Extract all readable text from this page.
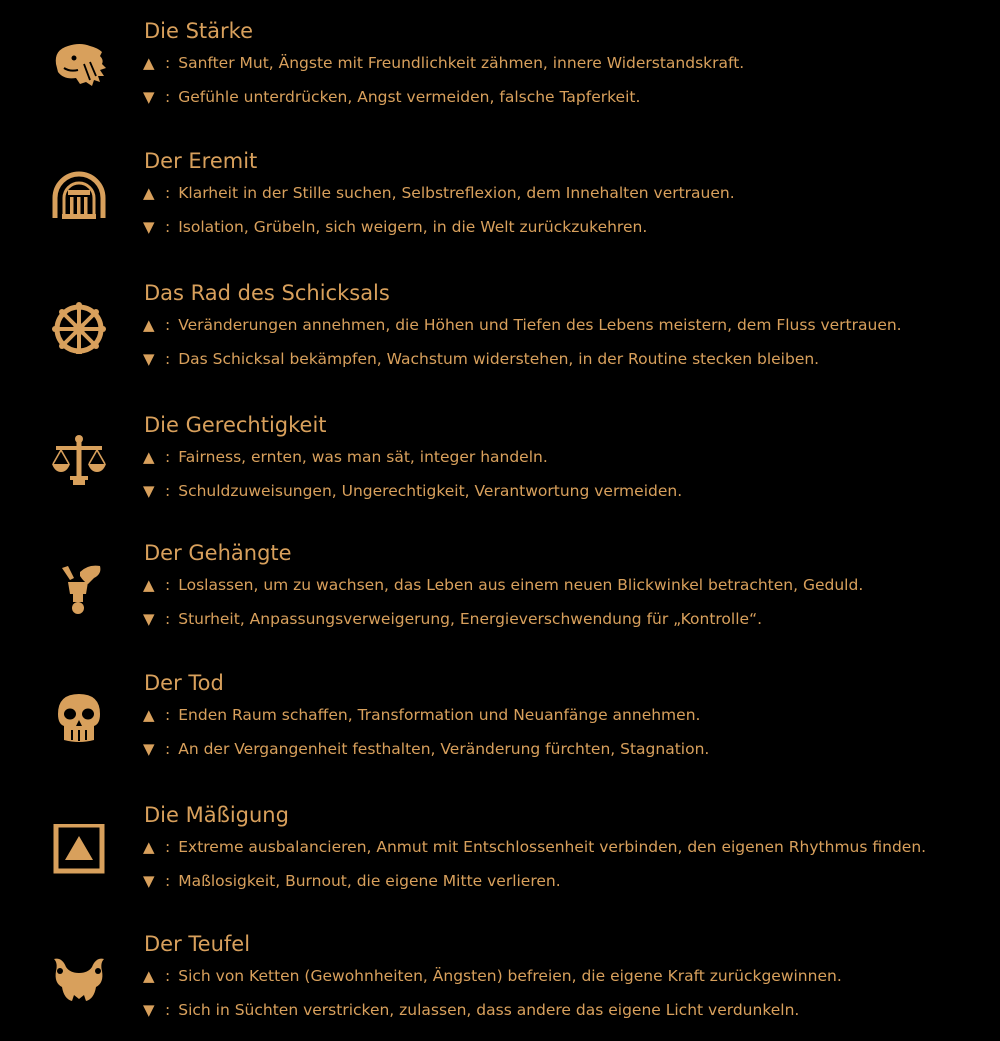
Die Stärke
▲ : Sanfter Mut, Ängste mit Freundlichkeit zähmen, innere Widerstandskraft.
▼ : Gefühle unterdrücken, Angst vermeiden, falsche Tapferkeit.
Der Eremit
▲ : Klarheit in der Stille suchen, Selbstreflexion, dem Innehalten vertrauen.
▼ : Isolation, Grübeln, sich weigern, in die Welt zurückzukehren.
Das Rad des Schicksals
▲ : Veränderungen annehmen, die Höhen und Tiefen des Lebens meistern, dem Fluss vertrauen.
▼ : Das Schicksal bekämpfen, Wachstum widerstehen, in der Routine stecken bleiben.
Die Gerechtigkeit
▲ : Fairness, ernten, was man sät, integer handeln.
▼ : Schuldzuweisungen, Ungerechtigkeit, Verantwortung vermeiden.
Der Gehängte
▲ : Loslassen, um zu wachsen, das Leben aus einem neuen Blickwinkel betrachten, Geduld.
▼ : Sturheit, Anpassungsverweigerung, Energieverschwendung für „Kontrolle“.
Der Tod
▲ : Enden Raum schaffen, Transformation und Neuanfänge annehmen.
▼ : An der Vergangenheit festhalten, Veränderung fürchten, Stagnation.
Die Mäßigung
▲ : Extreme ausbalancieren, Anmut mit Entschlossenheit verbinden, den eigenen Rhythmus finden.
▼ : Maßlosigkeit, Burnout, die eigene Mitte verlieren.
Der Teufel
▲ : Sich von Ketten (Gewohnheiten, Ängsten) befreien, die eigene Kraft zurückgewinnen.
▼ : Sich in Süchten verstricken, zulassen, dass andere das eigene Licht verdunkeln.
